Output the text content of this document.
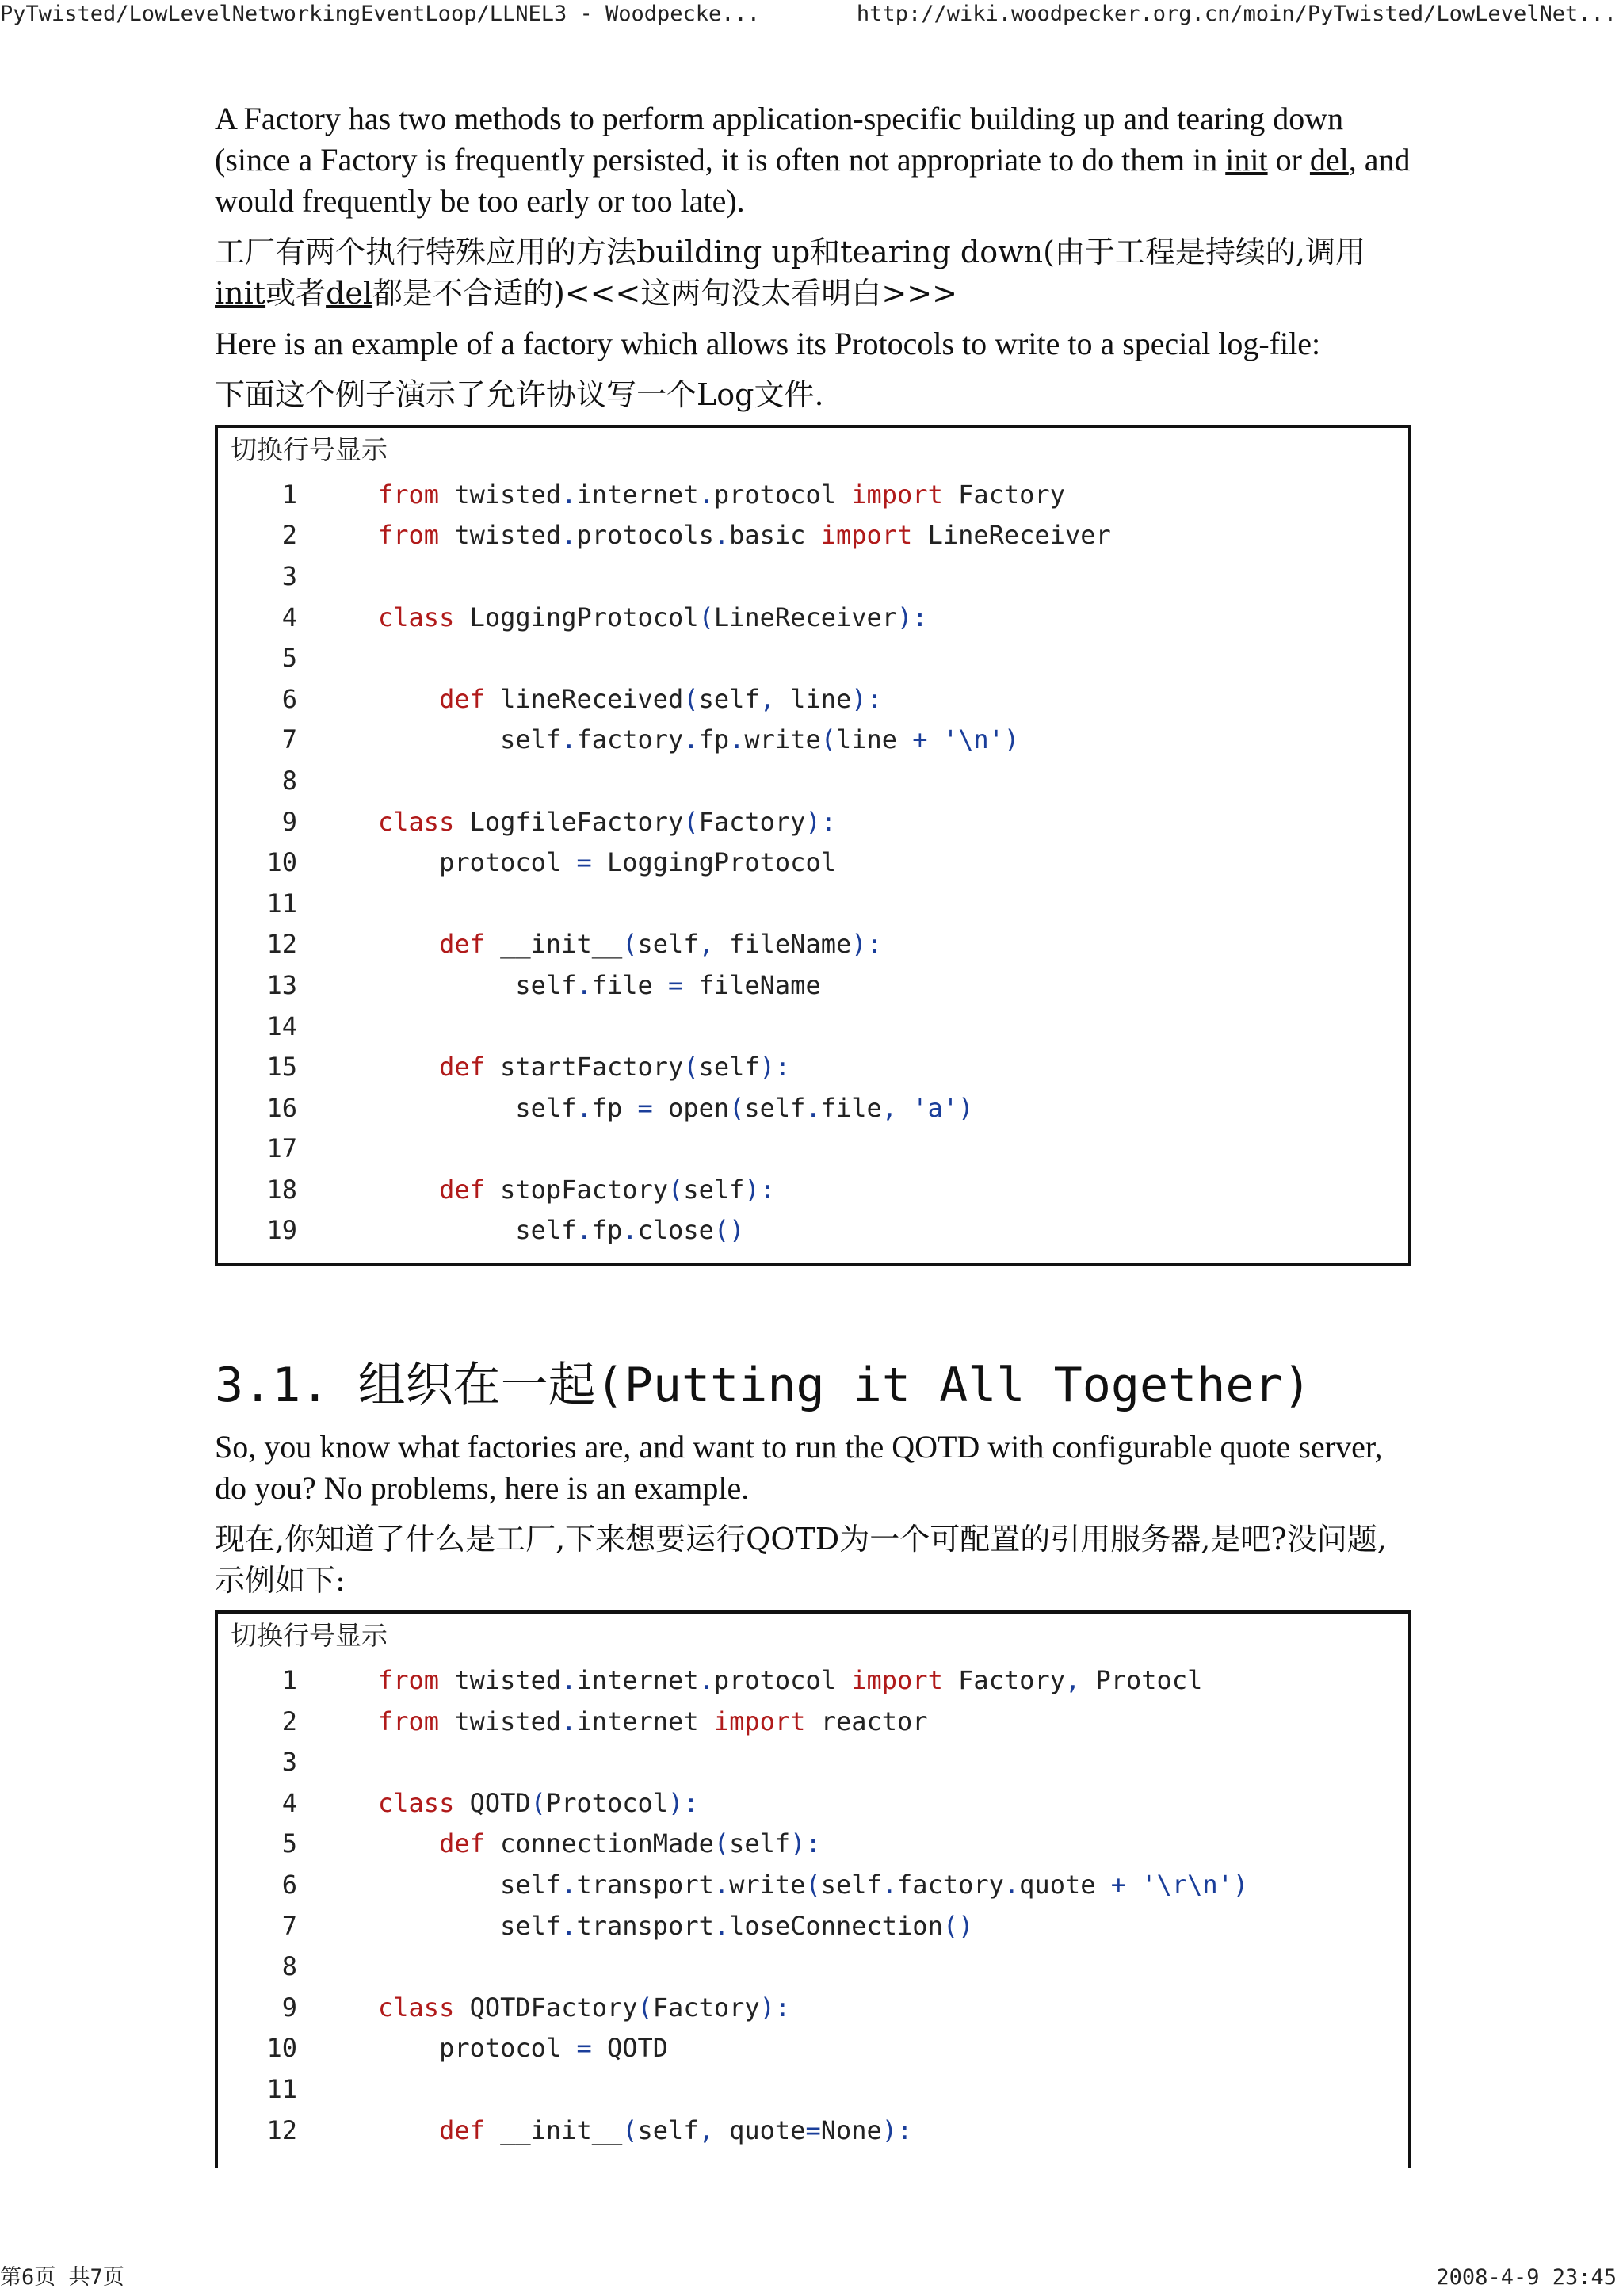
PyTwisted/LowLevelNetworkingEventLoop/LLNEL3 - Woodpecke...	http://wiki.woodpecker.org.cn/moin/PyTwisted/LowLevelNet...

A Factory has two methods to perform application-specific building up and tearing down (since a Factory is frequently persisted, it is often not appropriate to do them in init or del, and would frequently be too early or too late).

工厂有两个执行特殊应用的方法building up和tearing down(由于工程是持续的,调用init或者del都是不合适的)<<<这两句没太看明白>>>

Here is an example of a factory which allows its Protocols to write to a special log-file:

下面这个例子演示了允许协议写一个Log文件.

切换行号显示
1	from twisted.internet.protocol import Factory
2	from twisted.protocols.basic import LineReceiver
3
4	class LoggingProtocol(LineReceiver):
5
6	def lineReceived(self, line):
7	self.factory.fp.write(line + '\n')
8
9	class LogfileFactory(Factory):
10	protocol = LoggingProtocol
11
12	def __init__(self, fileName):
13	self.file = fileName
14
15	def startFactory(self):
16	self.fp = open(self.file, 'a')
17
18	def stopFactory(self):
19	self.fp.close()
3.1. 组织在一起(Putting it All Together)

So, you know what factories are, and want to run the QOTD with configurable quote server, do you? No problems, here is an example.

现在,你知道了什么是工厂,下来想要运行QOTD为一个可配置的引用服务器,是吧?没问题,示例如下:

切换行号显示
1	from twisted.internet.protocol import Factory, Protocl
2	from twisted.internet import reactor
3
4	class QOTD(Protocol):
5	def connectionMade(self):
6	self.transport.write(self.factory.quote + '\r\n')
7	self.transport.loseConnection()
8
9	class QOTDFactory(Factory):
10	protocol = QOTD
11
12	def __init__(self, quote=None):
第6页 共7页	2008-4-9 23:45
